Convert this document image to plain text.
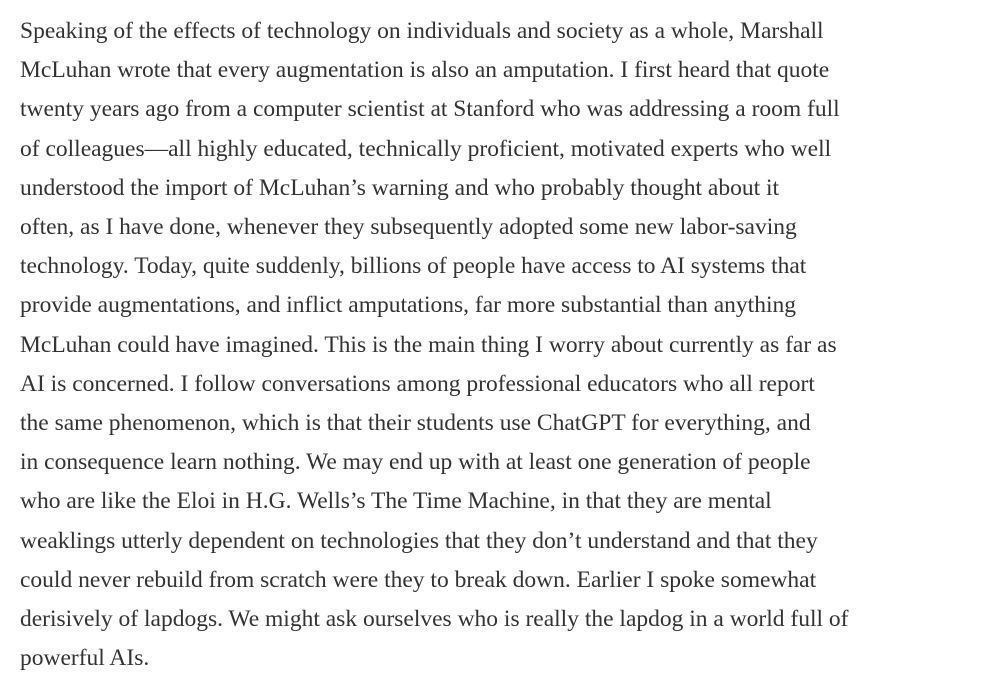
Speaking of the effects of technology on individuals and society as a whole, Marshall
McLuhan wrote that every augmentation is also an amputation. I first heard that quote
twenty years ago from a computer scientist at Stanford who was addressing a room full
of colleagues—all highly educated, technically proficient, motivated experts who well
understood the import of McLuhan’s warning and who probably thought about it
often, as I have done, whenever they subsequently adopted some new labor-saving
technology. Today, quite suddenly, billions of people have access to AI systems that
provide augmentations, and inflict amputations, far more substantial than anything
McLuhan could have imagined. This is the main thing I worry about currently as far as
AI is concerned. I follow conversations among professional educators who all report
the same phenomenon, which is that their students use ChatGPT for everything, and
in consequence learn nothing. We may end up with at least one generation of people
who are like the Eloi in H.G. Wells’s The Time Machine, in that they are mental
weaklings utterly dependent on technologies that they don’t understand and that they
could never rebuild from scratch were they to break down. Earlier I spoke somewhat
derisively of lapdogs. We might ask ourselves who is really the lapdog in a world full of
powerful AIs.
